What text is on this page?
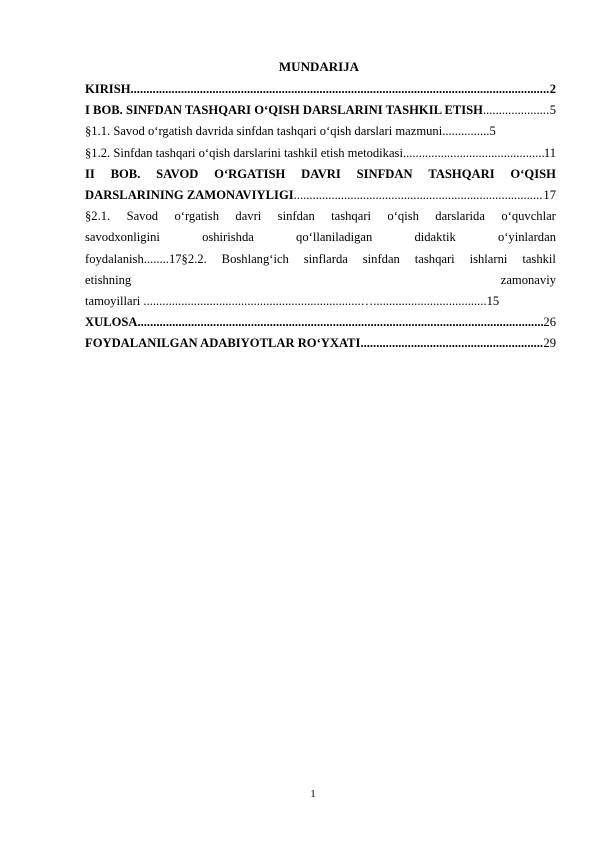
MUNDARIJA
KIRISH .....	2
I BOB. SINFDAN TASHQARI O‘QISH DARSLARINI TASHKIL ETISH .....	5
§1.1. Savod o‘rgatish davrida sinfdan tashqari o‘qish darslari mazmuni...............5
§1.2. Sinfdan tashqari o‘qish darslarini tashkil etish metodikasi .....	11
II BOB. SAVOD O‘RGATISH DAVRI SINFDAN TASHQARI O‘QISH
DARSLARINING ZAMONAVIYLIGI .....	17
§2.1. Savod o‘rgatish davri sinfdan tashqari o‘qish darslarida o‘quvchlar
savodxonligini	oshirishda	qo‘llaniladigan	didaktik	o‘yinlardan
foydalanish........17§2.2. Boshlang‘ich sinflarda sinfdan tashqari ishlarni tashkil
etishning	zamonaviy
tamoyillari .....................................................................…....................................15
XULOSA .....	26
FOYDALANILGAN ADABIYOTLAR RO‘YXATI .....	29
1
